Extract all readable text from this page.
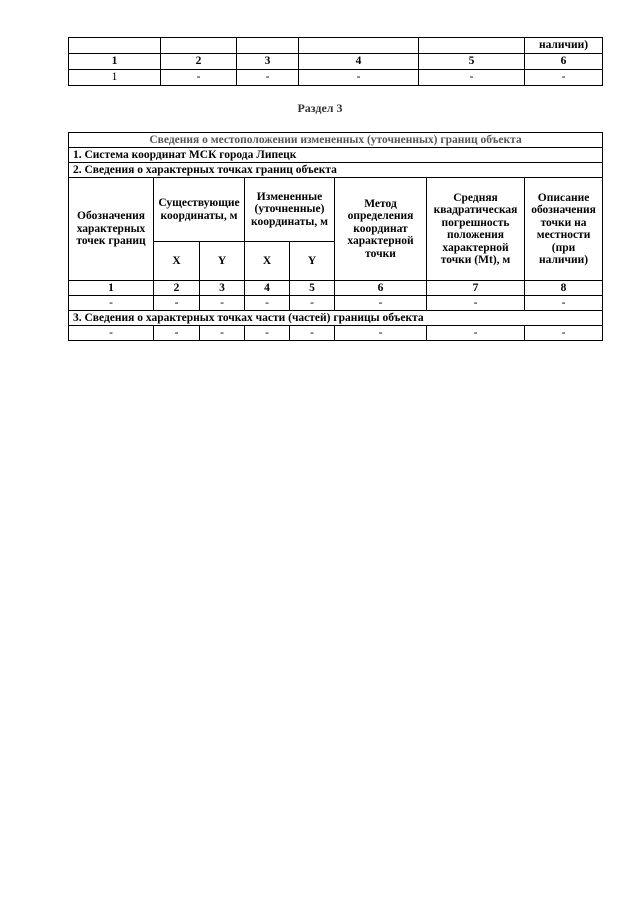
					наличии)
1	2	3	4	5	6
1	-	-	-	-	-
Раздел 3
Сведения о местоположении измененных (уточненных) границ объекта							
1. Система координат МСК города Липецк							
2. Сведения о характерных точках границ объекта							
Обозначения характерных точек границ	Существующие координаты, м		Измененные (уточненные) координаты, м		Метод определения координат характерной точки	Средняя квадратическая погрешность положения характерной точки (Mt), м	Описание обозначения точки на местности (при наличии)
	X	Y	X	Y			
1	2	3	4	5	6	7	8
-	-	-	-	-	-	-	-
3. Сведения о характерных точках части (частей) границы объекта							
-	-	-	-	-	-	-	-
